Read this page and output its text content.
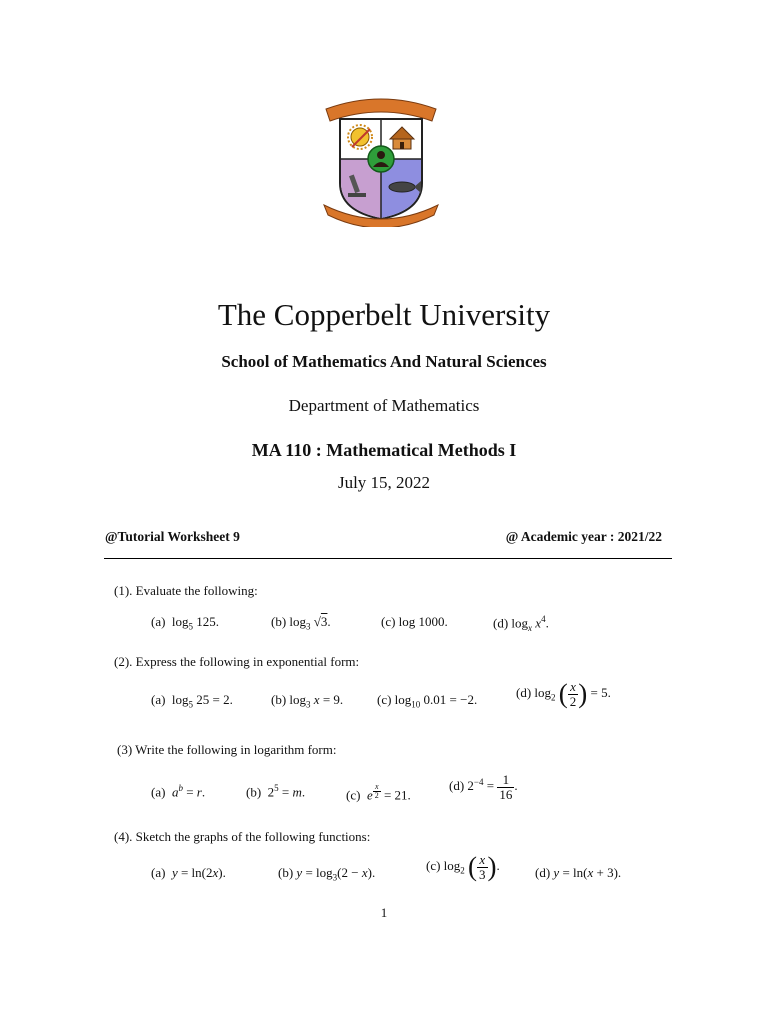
The Copperbelt University
School of Mathematics And Natural Sciences
Department of Mathematics
MA 110 : Mathematical Methods I
July 15, 2022
@Tutorial Worksheet 9	@ Academic year : 2021/22
(1). Evaluate the following:
(a)  $\log_5 125$.	(b) $\log_3 √3$.	(c) log 1000.	(d) $\log_x x^4$.
(2). Express the following in exponential form:
(a)  $\log_5 25 = 2$.	(b) $\log_3 x = 9$.	(c) $\log_{10} 0.01 = -2$.	(d) $\log_2$ ( $\frac{x}{2}$ ) = 5.
(3) Write the following in logarithm form:
(a)  $a^b = r$.	(b)  $2^5 = m$.	(c)  e $^{\frac{x}{2}}$ = 21.
(d) $2^{-4} = \frac{1}{16}$ .
(4). Sketch the graphs of the following functions:
(a)  y = ln(2x).	(b) $y = \log_3(2 - x)$.	(c) $\log_2$ ( $\frac{x}{3}$ ).	(d) y = ln(x + 3).
1
